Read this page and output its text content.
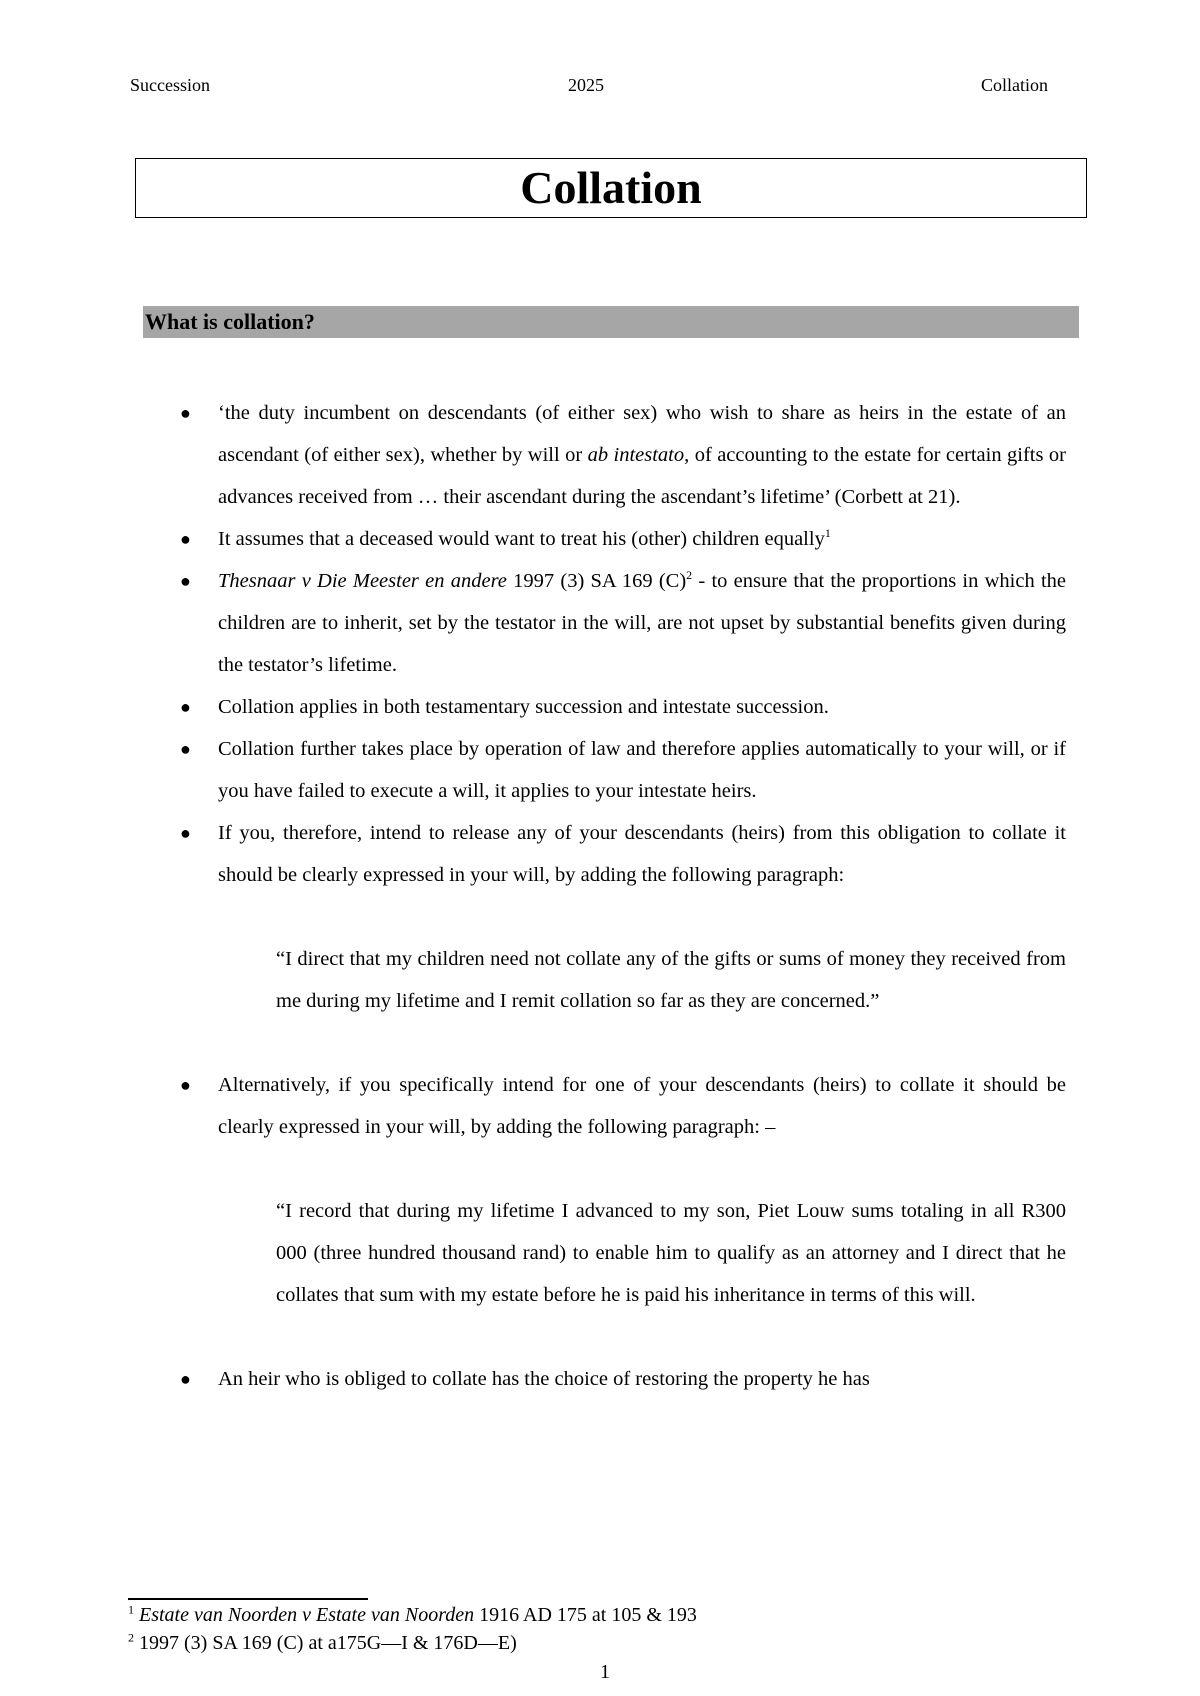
Succession	2025	Collation
Collation
What is collation?
●	‘the duty incumbent on descendants (of either sex) who wish to share as heirs in the estate of an ascendant (of either sex), whether by will or ab intestato, of accounting to the estate for certain gifts or advances received from … their ascendant during the ascendant’s lifetime’ (Corbett at 21).
●	It assumes that a deceased would want to treat his (other) children equally$^1$
●	Thesnaar v Die Meester en andere 1997 (3) SA 169 $(C)^2$ - to ensure that the proportions in which the children are to inherit, set by the testator in the will, are not upset by substantial benefits given during the testator’s lifetime.
●	Collation applies in both testamentary succession and intestate succession.
●	Collation further takes place by operation of law and therefore applies automatically to your will, or if you have failed to execute a will, it applies to your intestate heirs.
●	If you, therefore, intend to release any of your descendants (heirs) from this obligation to collate it should be clearly expressed in your will, by adding the following paragraph:
“I direct that my children need not collate any of the gifts or sums of money they received from me during my lifetime and I remit collation so far as they are concerned.”
●	Alternatively, if you specifically intend for one of your descendants (heirs) to collate it should be clearly expressed in your will, by adding the following paragraph: –
“I record that during my lifetime I advanced to my son, Piet Louw sums totaling in all R300 000 (three hundred thousand rand) to enable him to qualify as an attorney and I direct that he collates that sum with my estate before he is paid his inheritance in terms of this will.
●	An heir who is obliged to collate has the choice of restoring the property he has
$^1$ Estate van Noorden v Estate van Noorden 1916 AD 175 at 105 & 193
$^2$ 1997 (3) SA 169 (C) at a175G—I & 176D—E)
1
